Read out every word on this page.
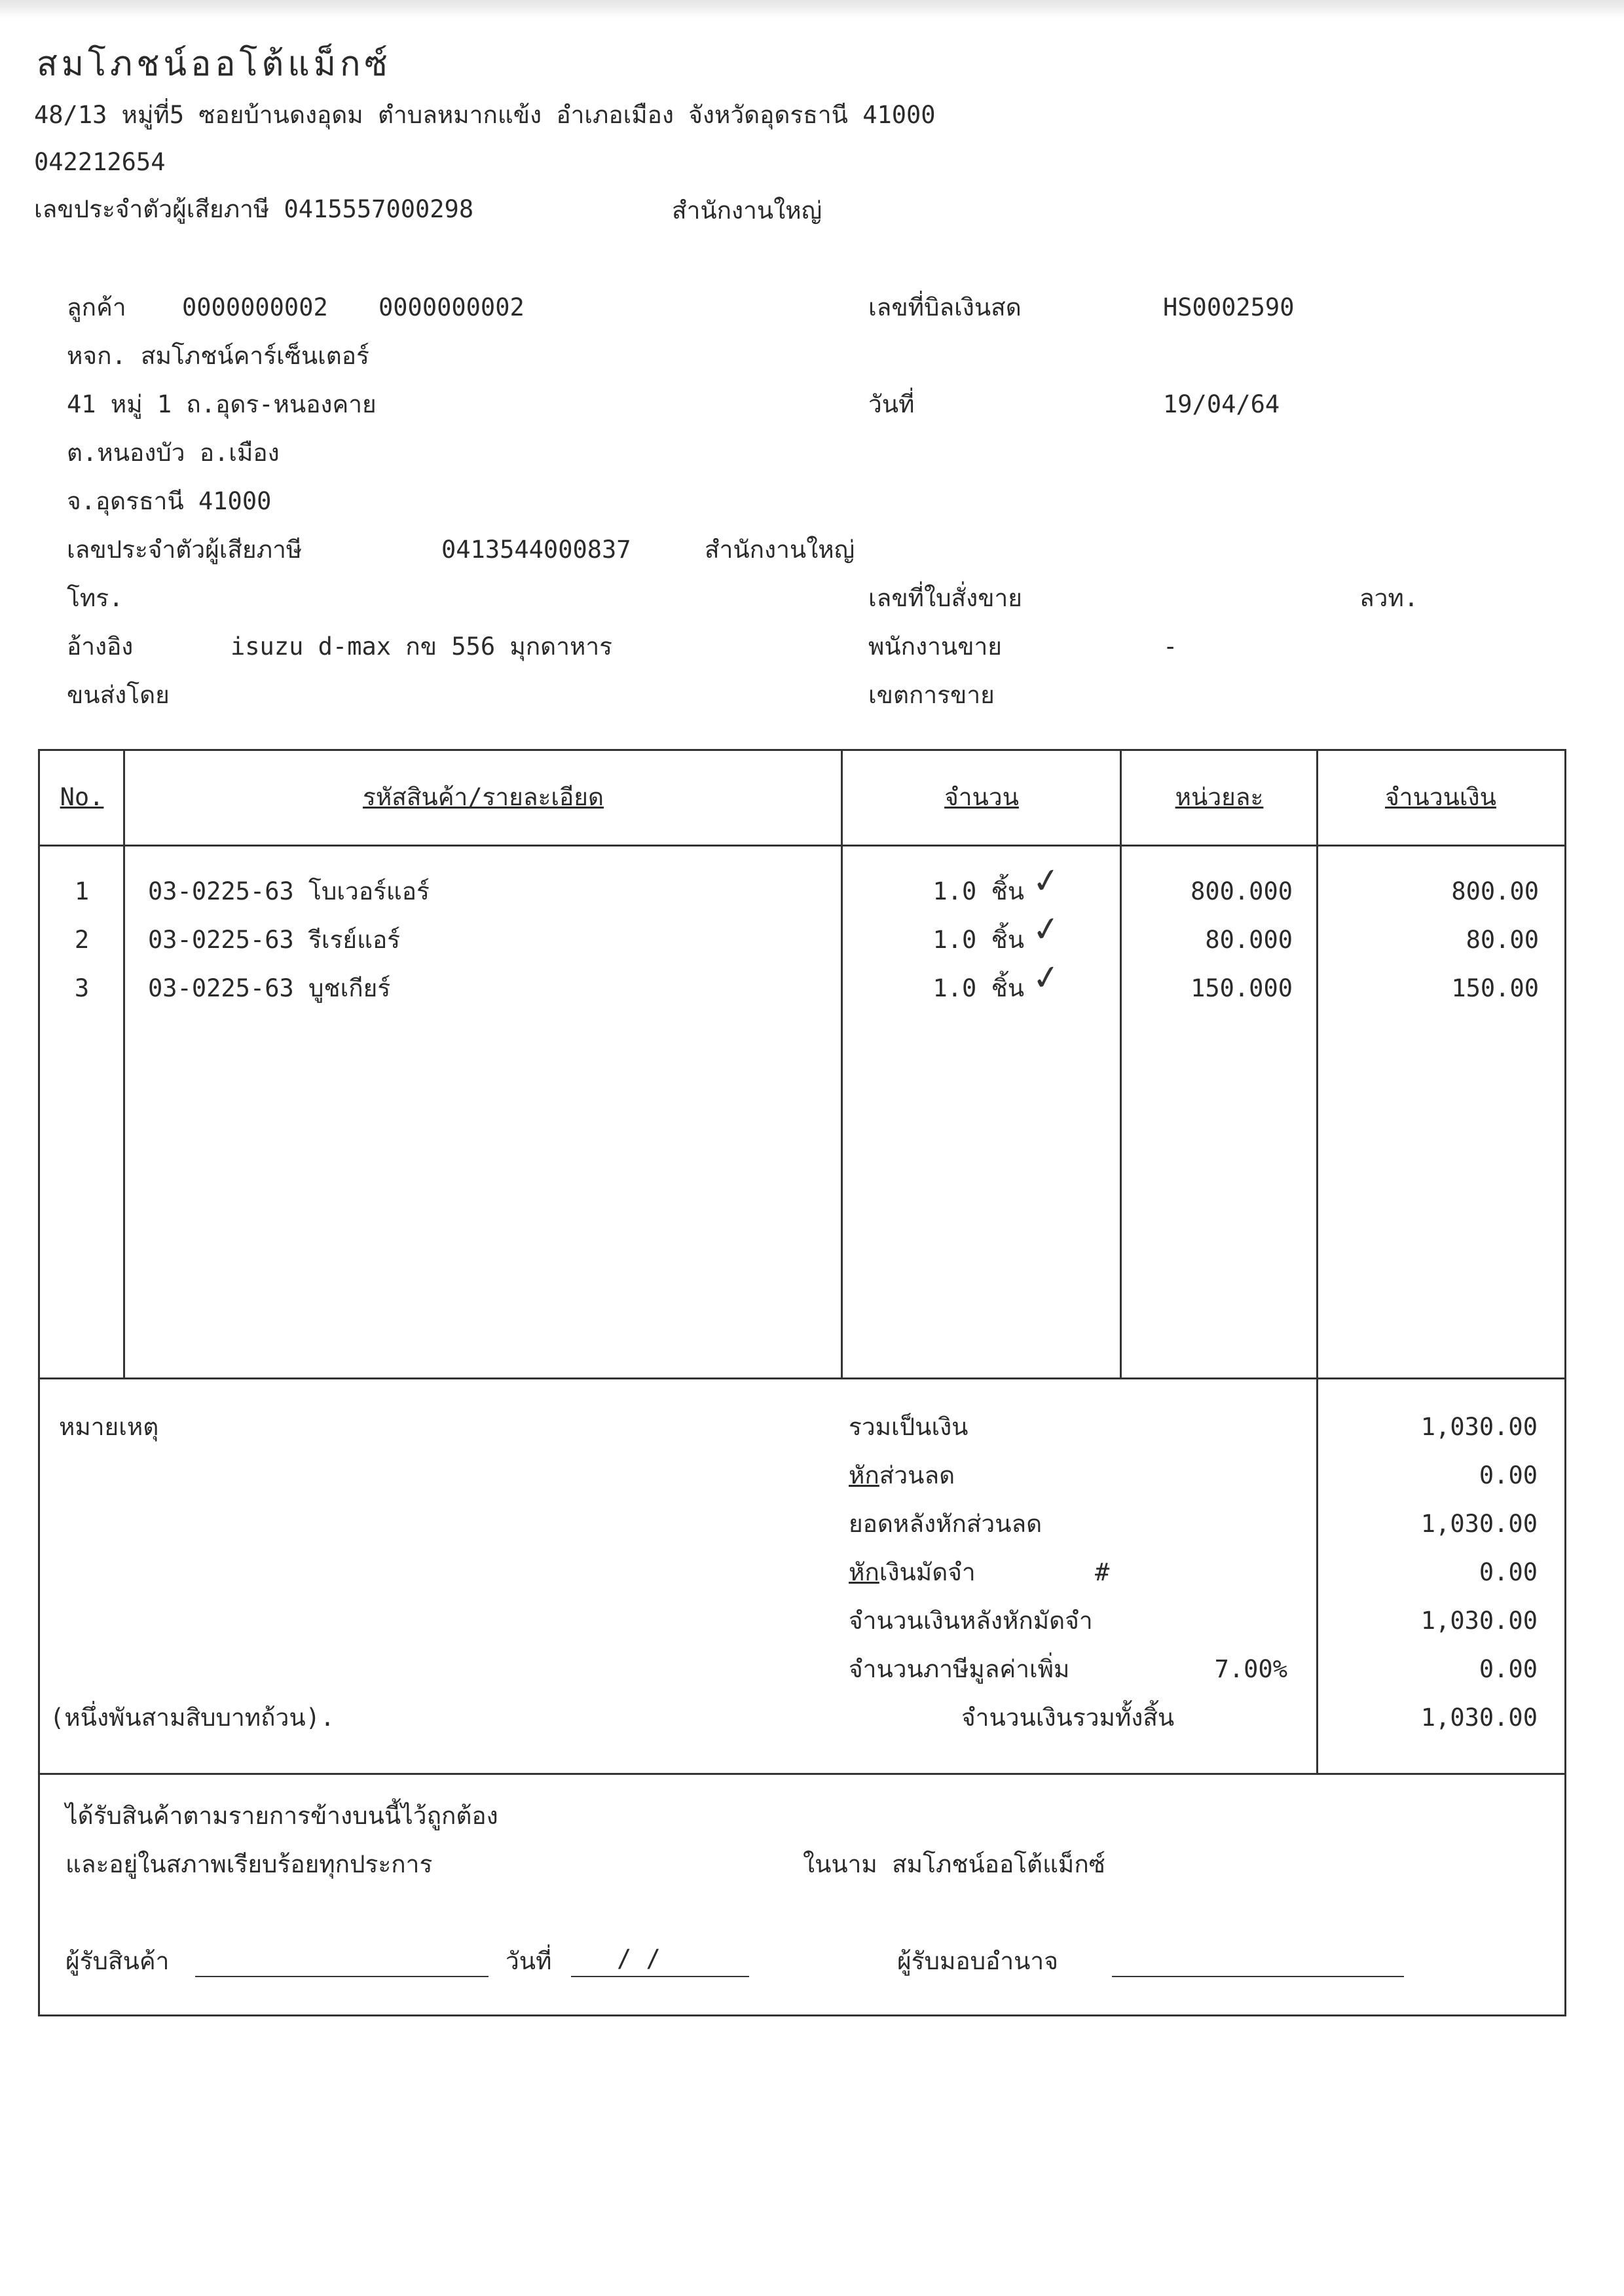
สมโภชน์ออโต้แม็กซ์
48/13 หมู่ที่5 ซอยบ้านดงอุดม ตำบลหมากแข้ง อำเภอเมือง จังหวัดอุดรธานี 41000
042212654
เลขประจำตัวผู้เสียภาษี 0415557000298	สำนักงานใหญ่
ลูกค้า 0000000002 0000000002
หจก. สมโภชน์คาร์เซ็นเตอร์
41 หมู่ 1 ถ.อุดร-หนองคาย
ต.หนองบัว อ.เมือง
จ.อุดรธานี 41000
เลขประจำตัวผู้เสียภาษี	0413544000837	สำนักงานใหญ่
โทร.
อ้างอิง	isuzu d-max กข 556 มุกดาหาร
ขนส่งโดย
เลขที่บิลเงินสด	HS0002590
วันที่	19/04/64
เลขที่ใบสั่งขาย	ลวท.
พนักงานขาย	-
เขตการขาย
No.	รหัสสินค้า/รายละเอียด	จำนวน	หน่วยละ	จำนวนเงิน
1	03-0225-63 โบเวอร์แอร์	1.0 ชิ้น ✓	800.000	800.00
2	03-0225-63 รีเรย์แอร์	1.0 ชิ้น ✓	80.000	80.00
3	03-0225-63 บูชเกียร์	1.0 ชิ้น ✓	150.000	150.00
หมายเหตุ
(หนึ่งพันสามสิบบาทถ้วน).
รวมเป็นเงิน	1,030.00
หักส่วนลด	0.00
ยอดหลังหักส่วนลด	1,030.00
หักเงินมัดจำ	#	0.00
จำนวนเงินหลังหักมัดจำ	1,030.00
จำนวนภาษีมูลค่าเพิ่ม	7.00%	0.00
จำนวนเงินรวมทั้งสิ้น	1,030.00
ได้รับสินค้าตามรายการข้างบนนี้ไว้ถูกต้อง
และอยู่ในสภาพเรียบร้อยทุกประการ	ในนาม สมโภชน์ออโต้แม็กซ์
ผู้รับสินค้า	วันที่	/ /	ผู้รับมอบอำนาจ
